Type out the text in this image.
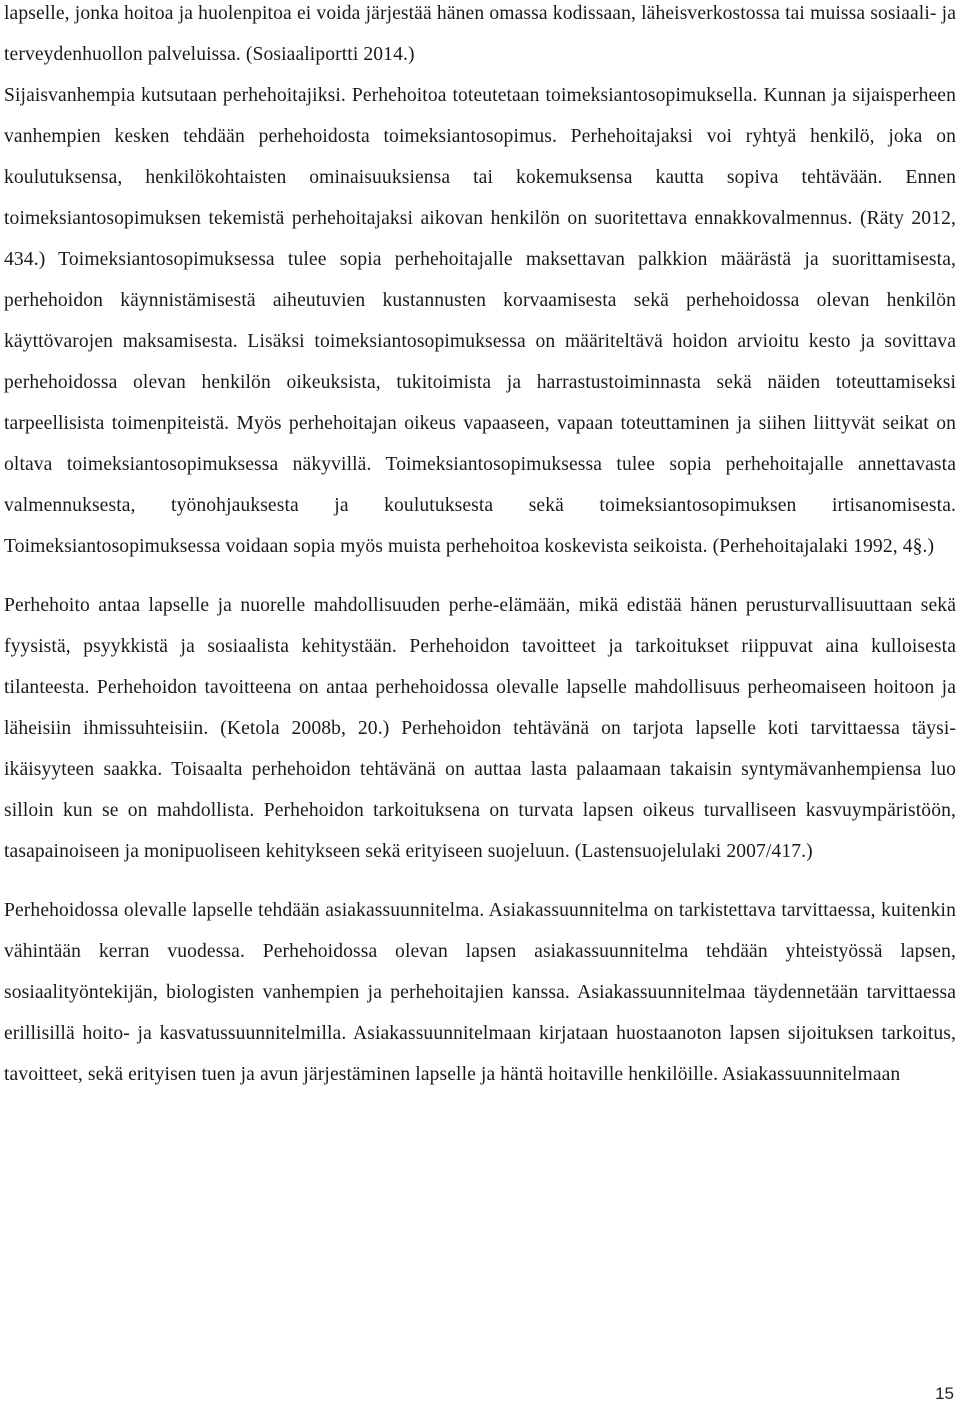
lapselle, jonka hoitoa ja huolenpitoa ei voida järjestää hänen omassa kodissaan, läheisverkostossa tai muissa sosiaali- ja terveydenhuollon palveluissa. (Sosiaaliportti 2014.)

Sijaisvanhempia kutsutaan perhehoitajiksi. Perhehoitoa toteutetaan toimeksiantosopimuksella. Kunnan ja sijaisperheen vanhempien kesken tehdään perhehoidosta toimeksiantosopimus. Perhehoitajaksi voi ryhtyä henkilö, joka on koulutuksensa, henkilökohtaisten ominaisuuksiensa tai kokemuksensa kautta sopiva tehtävään. Ennen toimeksiantosopimuksen tekemistä perhehoitajaksi aikovan henkilön on suoritettava ennakkovalmennus. (Räty 2012, 434.) Toimeksiantosopimuksessa tulee sopia perhehoitajalle maksettavan palkkion määrästä ja suorittamisesta, perhehoidon käynnistämisestä aiheutuvien kustannusten korvaamisesta sekä perhehoidossa olevan henkilön käyttövarojen maksamisesta. Lisäksi toimeksiantosopimuksessa on määriteltävä hoidon arvioitu kesto ja sovittava perhehoidossa olevan henkilön oikeuksista, tukitoimista ja harrastustoiminnasta sekä näiden toteuttamiseksi tarpeellisista toimenpiteistä. Myös perhehoitajan oikeus vapaaseen, vapaan toteuttaminen ja siihen liittyvät seikat on oltava toimeksiantosopimuksessa näkyvillä. Toimeksiantosopimuksessa tulee sopia perhehoitajalle annettavasta valmennuksesta, työnohjauksesta ja koulutuksesta sekä toimeksiantosopimuksen irtisanomisesta. Toimeksiantosopimuksessa voidaan sopia myös muista perhehoitoa koskevista seikoista. (Perhehoitajalaki 1992, 4§.)

Perhehoito antaa lapselle ja nuorelle mahdollisuuden perhe-elämään, mikä edistää hänen perusturvallisuuttaan sekä fyysistä, psyykkistä ja sosiaalista kehitystään. Perhehoidon tavoitteet ja tarkoitukset riippuvat aina kulloisesta tilanteesta. Perhehoidon tavoitteena on antaa perhehoidossa olevalle lapselle mahdollisuus perheomaiseen hoitoon ja läheisiin ihmissuhteisiin. (Ketola 2008b, 20.) Perhehoidon tehtävänä on tarjota lapselle koti tarvittaessa täysi-ikäisyyteen saakka. Toisaalta perhehoidon tehtävänä on auttaa lasta palaamaan takaisin syntymävanhempiensa luo silloin kun se on mahdollista. Perhehoidon tarkoituksena on turvata lapsen oikeus turvalliseen kasvuympäristöön, tasapainoiseen ja monipuoliseen kehitykseen sekä erityiseen suojeluun. (Lastensuojelulaki 2007/417.)

Perhehoidossa olevalle lapselle tehdään asiakassuunnitelma. Asiakassuunnitelma on tarkistettava tarvittaessa, kuitenkin vähintään kerran vuodessa. Perhehoidossa olevan lapsen asiakassuunnitelma tehdään yhteistyössä lapsen, sosiaalityöntekijän, biologisten vanhempien ja perhehoitajien kanssa. Asiakassuunnitelmaa täydennetään tarvittaessa erillisillä hoito- ja kasvatussuunnitelmilla. Asiakassuunnitelmaan kirjataan huostaanoton lapsen sijoituksen tarkoitus, tavoitteet, sekä erityisen tuen ja avun järjestäminen lapselle ja häntä hoitaville henkilöille. Asiakassuunnitelmaan

15
